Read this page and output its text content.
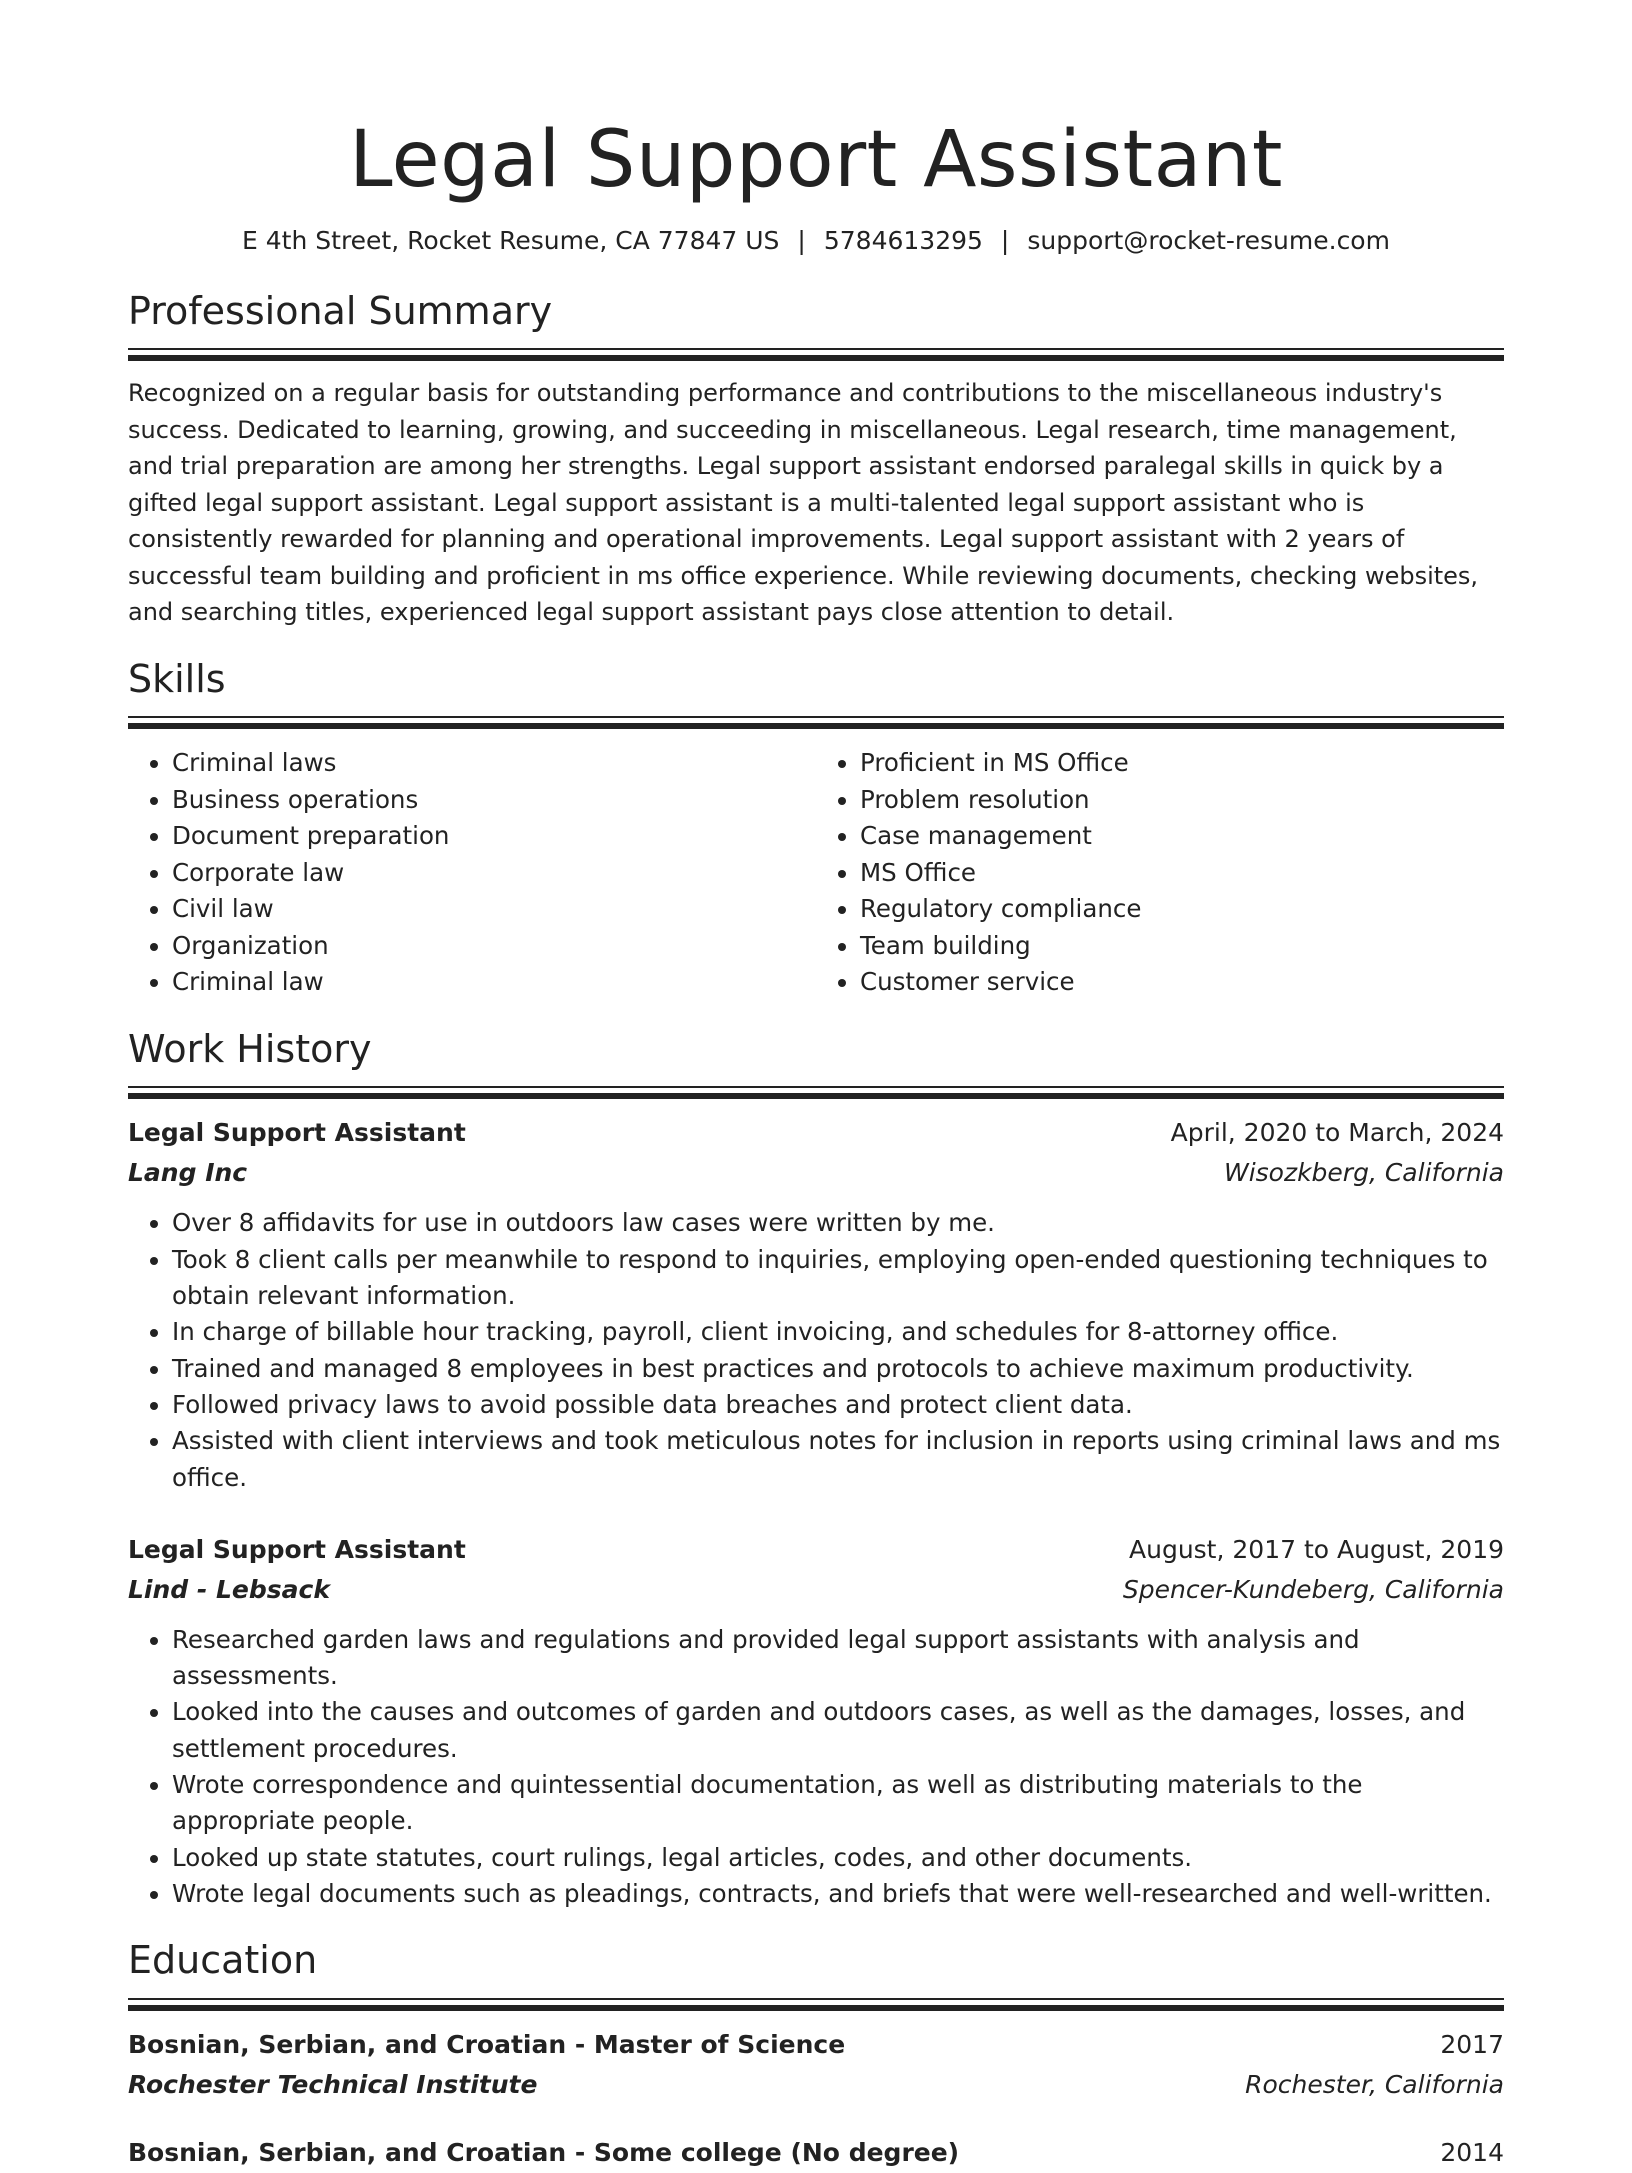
Legal Support Assistant
E 4th Street, Rocket Resume, CA 77847 US | 5784613295 | support@rocket-resume.com
Professional Summary

Recognized on a regular basis for outstanding performance and contributions to the miscellaneous industry's success. Dedicated to learning, growing, and succeeding in miscellaneous. Legal research, time management, and trial preparation are among her strengths. Legal support assistant endorsed paralegal skills in quick by a gifted legal support assistant. Legal support assistant is a multi-talented legal support assistant who is consistently rewarded for planning and operational improvements. Legal support assistant with 2 years of successful team building and proficient in ms office experience. While reviewing documents, checking websites, and searching titles, experienced legal support assistant pays close attention to detail.

Skills
• Criminal laws
• Business operations
• Document preparation
• Corporate law
• Civil law
• Organization
• Criminal law
• Proficient in MS Office
• Problem resolution
• Case management
• MS Office
• Regulatory compliance
• Team building
• Customer service
Work History
Legal Support Assistant	April, 2020 to March, 2024
Lang Inc	Wisozkberg, California
• Over 8 affidavits for use in outdoors law cases were written by me.
• Took 8 client calls per meanwhile to respond to inquiries, employing open-ended questioning techniques to obtain relevant information.
• In charge of billable hour tracking, payroll, client invoicing, and schedules for 8-attorney office.
• Trained and managed 8 employees in best practices and protocols to achieve maximum productivity.
• Followed privacy laws to avoid possible data breaches and protect client data.
• Assisted with client interviews and took meticulous notes for inclusion in reports using criminal laws and ms office.
Legal Support Assistant	August, 2017 to August, 2019
Lind - Lebsack	Spencer-Kundeberg, California
• Researched garden laws and regulations and provided legal support assistants with analysis and assessments.
• Looked into the causes and outcomes of garden and outdoors cases, as well as the damages, losses, and settlement procedures.
• Wrote correspondence and quintessential documentation, as well as distributing materials to the appropriate people.
• Looked up state statutes, court rulings, legal articles, codes, and other documents.
• Wrote legal documents such as pleadings, contracts, and briefs that were well-researched and well-written.
Education
Bosnian, Serbian, and Croatian - Master of Science	2017
Rochester Technical Institute	Rochester, California
Bosnian, Serbian, and Croatian - Some college (No degree)	2014
